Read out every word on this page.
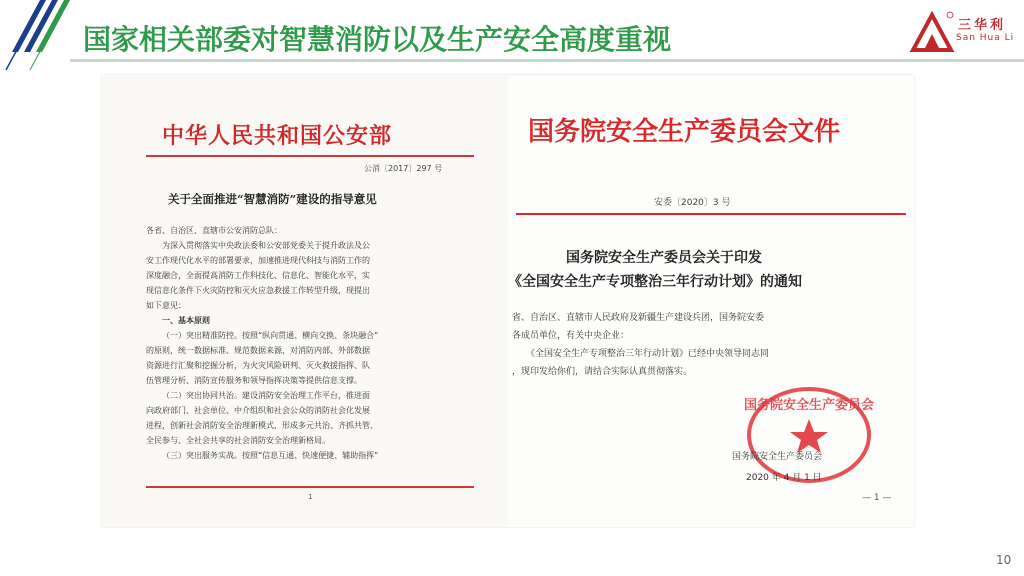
国家相关部委对智慧消防以及生产安全高度重视	三华利
San Hua Li
中华人民共和国公安部
公消〔2017〕297 号
关于全面推进“智慧消防”建设的指导意见

各省、自治区、直辖市公安消防总队：

为深入贯彻落实中央政法委和公安部党委关于提升政法及公

安工作现代化水平的部署要求，加速推进现代科技与消防工作的

深度融合，全面提高消防工作科技化、信息化、智能化水平，实

现信息化条件下火灾防控和灭火应急救援工作转型升级，现提出

如下意见：

一、基本原则

（一）突出精准防控。按照“纵向贯通、横向交换、条块融合”

的原则，统一数据标准、规范数据来源，对消防内部、外部数据

资源进行汇聚和挖掘分析，为火灾风险研判、灭火救援指挥、队

伍管理分析、消防宣传服务和领导指挥决策等提供信息支撑。

（二）突出协同共治。建设消防安全治理工作平台，推进面

向政府部门、社会单位、中介组织和社会公众的消防社会化发展

进程，创新社会消防安全治理新模式，形成多元共治、齐抓共管、

全民参与、全社会共享的社会消防安全治理新格局。

（三）突出服务实战。按照“信息互通、快速便捷、辅助指挥”

1
国务院安全生产委员会文件
安委〔2020〕3 号
国务院安全生产委员会关于印发
《全国安全生产专项整治三年行动计划》的通知

省、自治区、直辖市人民政府及新疆生产建设兵团，国务院安委

各成员单位，有关中央企业：

《全国安全生产专项整治三年行动计划》已经中央领导同志同

，现印发给你们，请结合实际认真贯彻落实。

国务院安全生产委员会
国务院安全生产委员会
2020 年 4 月 1 日
— 1 —
10
